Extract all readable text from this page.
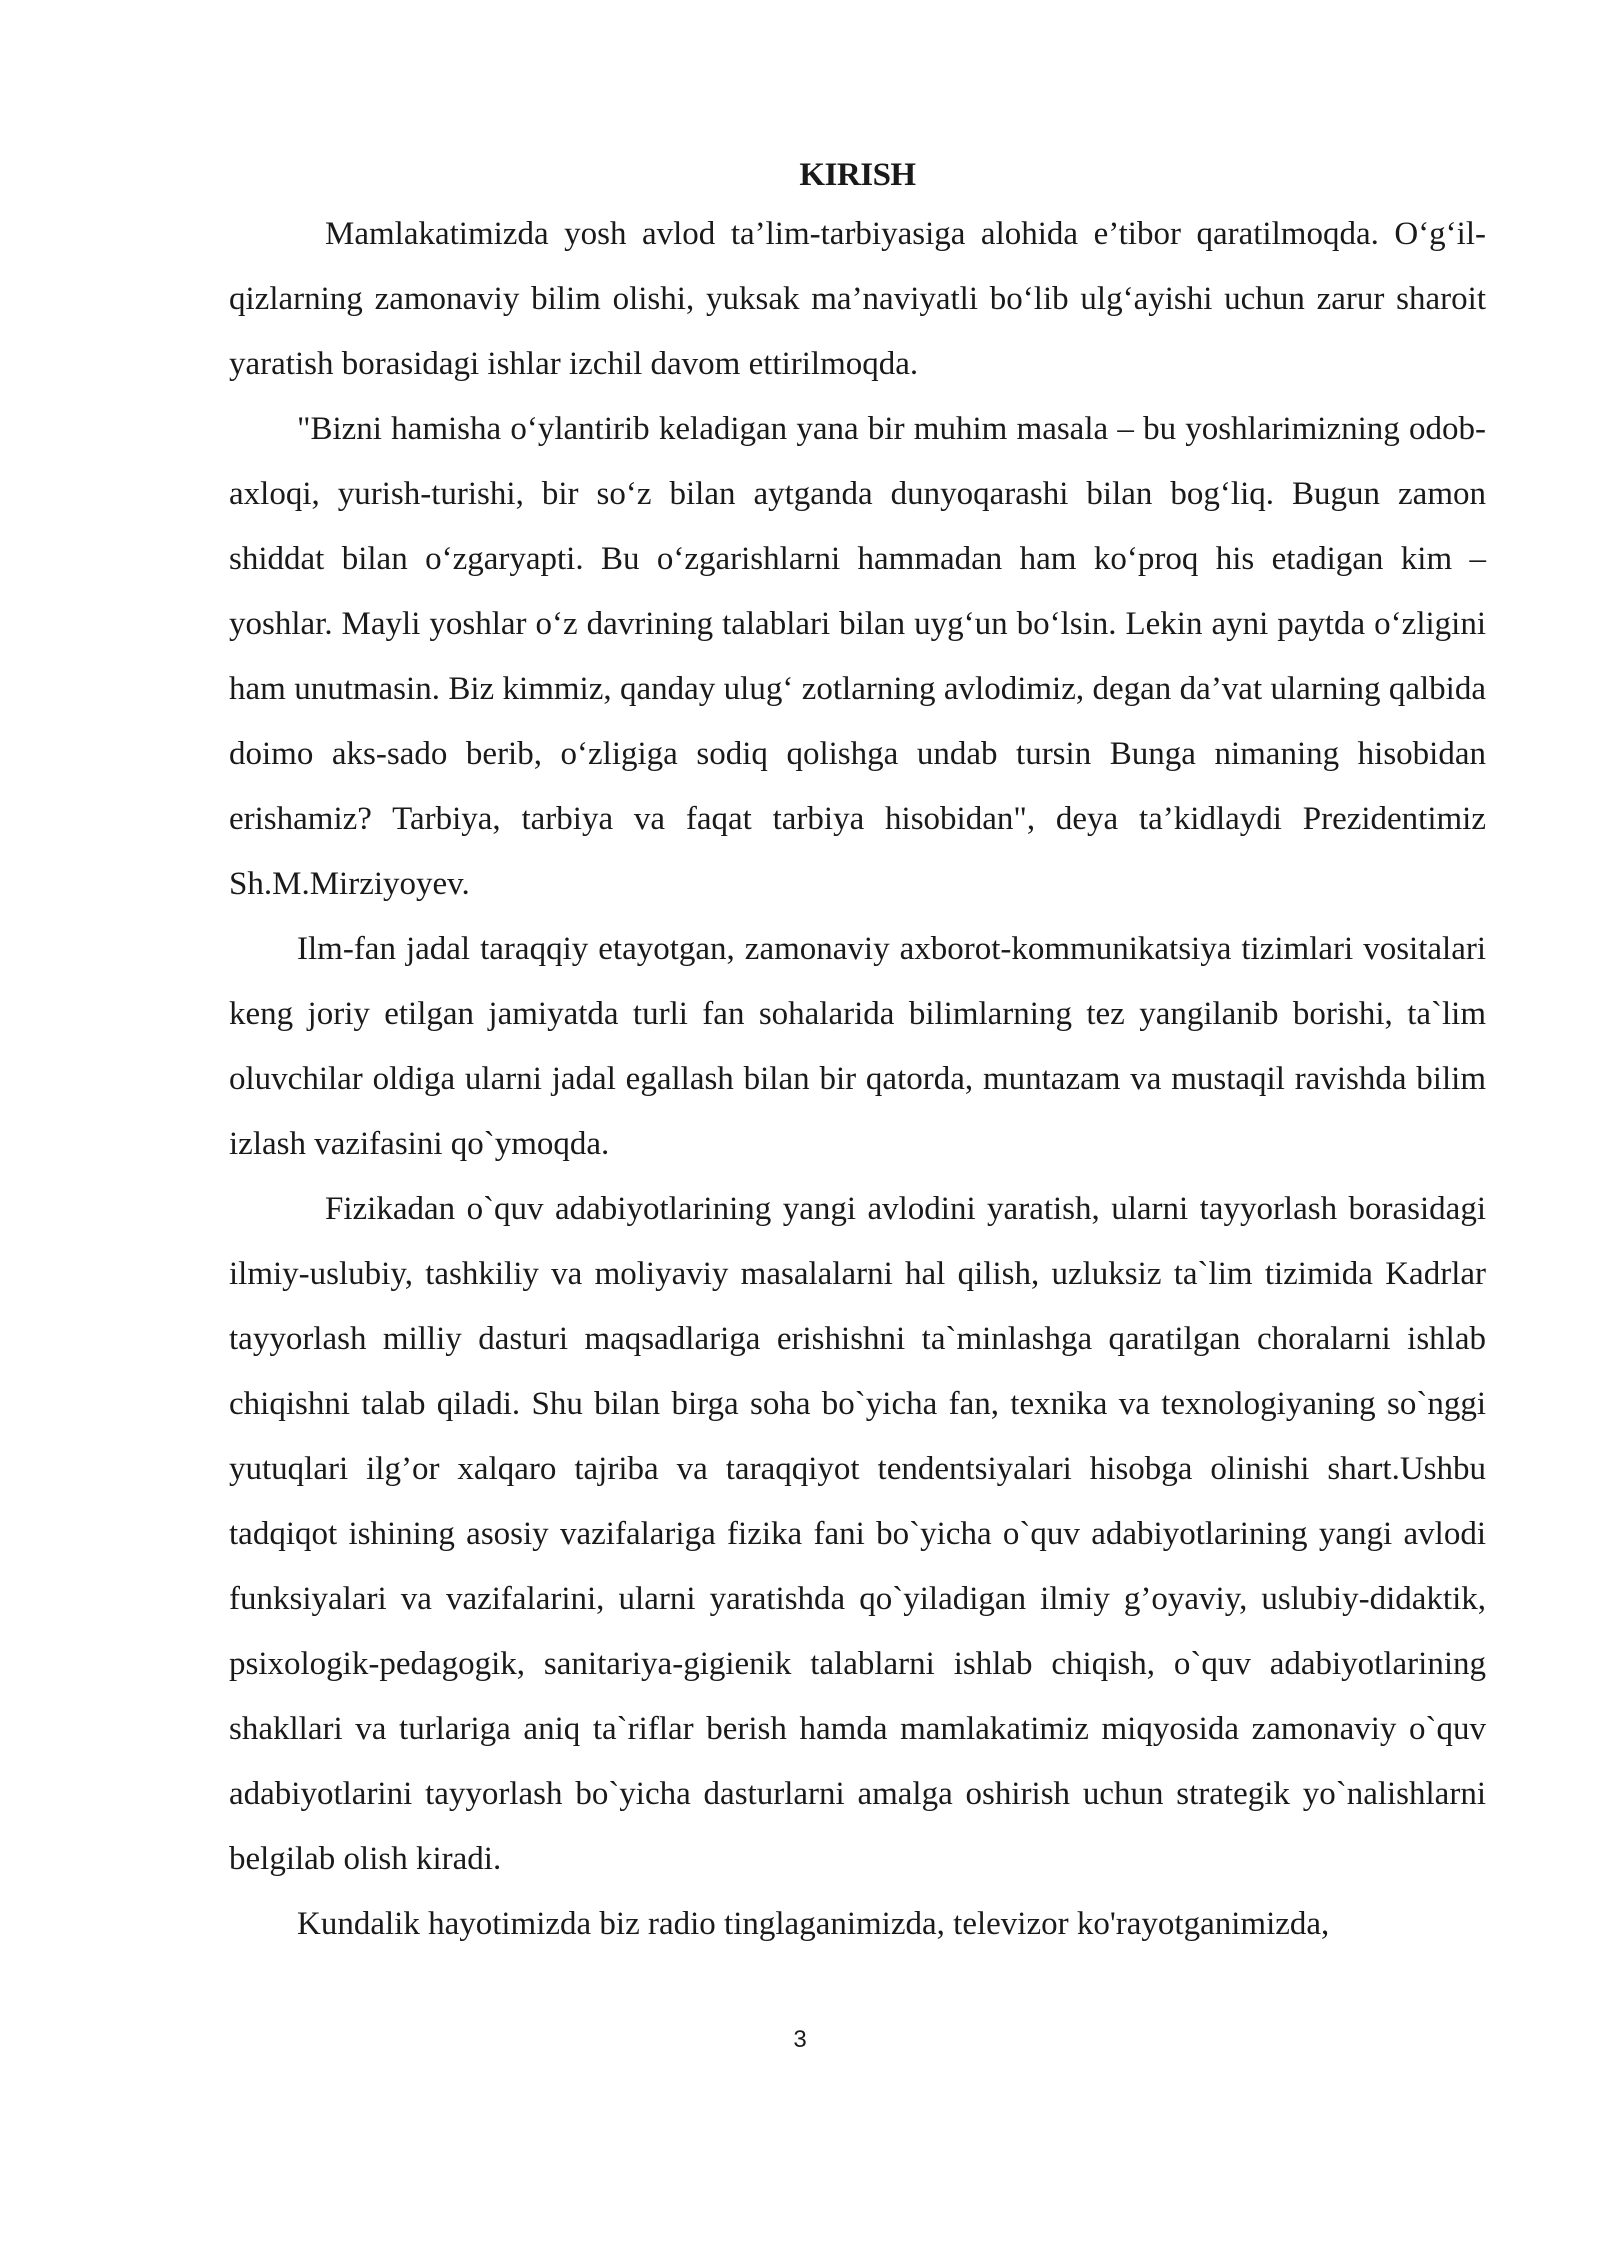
KIRISH

Mamlakatimizda yosh avlod ta’lim-tarbiyasiga alohida e’tibor qaratilmoqda. O‘g‘il-qizlarning zamonaviy bilim olishi, yuksak ma’naviyatli bo‘lib ulg‘ayishi uchun zarur sharoit yaratish borasidagi ishlar izchil davom ettirilmoqda.

"Bizni hamisha o‘ylantirib keladigan yana bir muhim masala – bu yoshlarimizning odob-axloqi, yurish-turishi, bir so‘z bilan aytganda dunyoqarashi bilan bog‘liq. Bugun zamon shiddat bilan o‘zgaryapti. Bu o‘zgarishlarni hammadan ham ko‘proq his etadigan kim – yoshlar. Mayli yoshlar o‘z davrining talablari bilan uyg‘un bo‘lsin. Lekin ayni paytda o‘zligini ham unutmasin. Biz kimmiz, qanday ulug‘ zotlarning avlodimiz, degan da’vat ularning qalbida doimo aks-sado berib, o‘zligiga sodiq qolishga undab tursin Bunga nimaning hisobidan erishamiz? Tarbiya, tarbiya va faqat tarbiya hisobidan", deya ta’kidlaydi Prezidentimiz Sh.M.Mirziyoyev.

Ilm-fan jadal taraqqiy etayotgan, zamonaviy axborot-kommunikatsiya tizimlari vositalari keng joriy etilgan jamiyatda turli fan sohalarida bilimlarning tez yangilanib borishi, ta`lim oluvchilar oldiga ularni jadal egallash bilan bir qatorda, muntazam va mustaqil ravishda bilim izlash vazifasini qo`ymoqda.

Fizikadan o`quv adabiyotlarining yangi avlodini yaratish, ularni tayyorlash borasidagi ilmiy-uslubiy, tashkiliy va moliyaviy masalalarni hal qilish, uzluksiz ta`lim tizimida Kadrlar tayyorlash milliy dasturi maqsadlariga erishishni ta`minlashga qaratilgan choralarni ishlab chiqishni talab qiladi. Shu bilan birga soha bo`yicha fan, texnika va texnologiyaning so`nggi yutuqlari ilg’or xalqaro tajriba va taraqqiyot tendentsiyalari hisobga olinishi shart.Ushbu tadqiqot ishining asosiy vazifalariga fizika fani bo`yicha o`quv adabiyotlarining yangi avlodi funksiyalari va vazifalarini, ularni yaratishda qo`yiladigan ilmiy g’oyaviy, uslubiy-didaktik, psixologik-pedagogik, sanitariya-gigienik talablarni ishlab chiqish, o`quv adabiyotlarining shakllari va turlariga aniq ta`riflar berish hamda mamlakatimiz miqyosida zamonaviy o`quv adabiyotlarini tayyorlash bo`yicha dasturlarni amalga oshirish uchun strategik yo`nalishlarni belgilab olish kiradi.

Kundalik hayotimizda biz radio tinglaganimizda, televizor ko'rayotganimizda,

3
